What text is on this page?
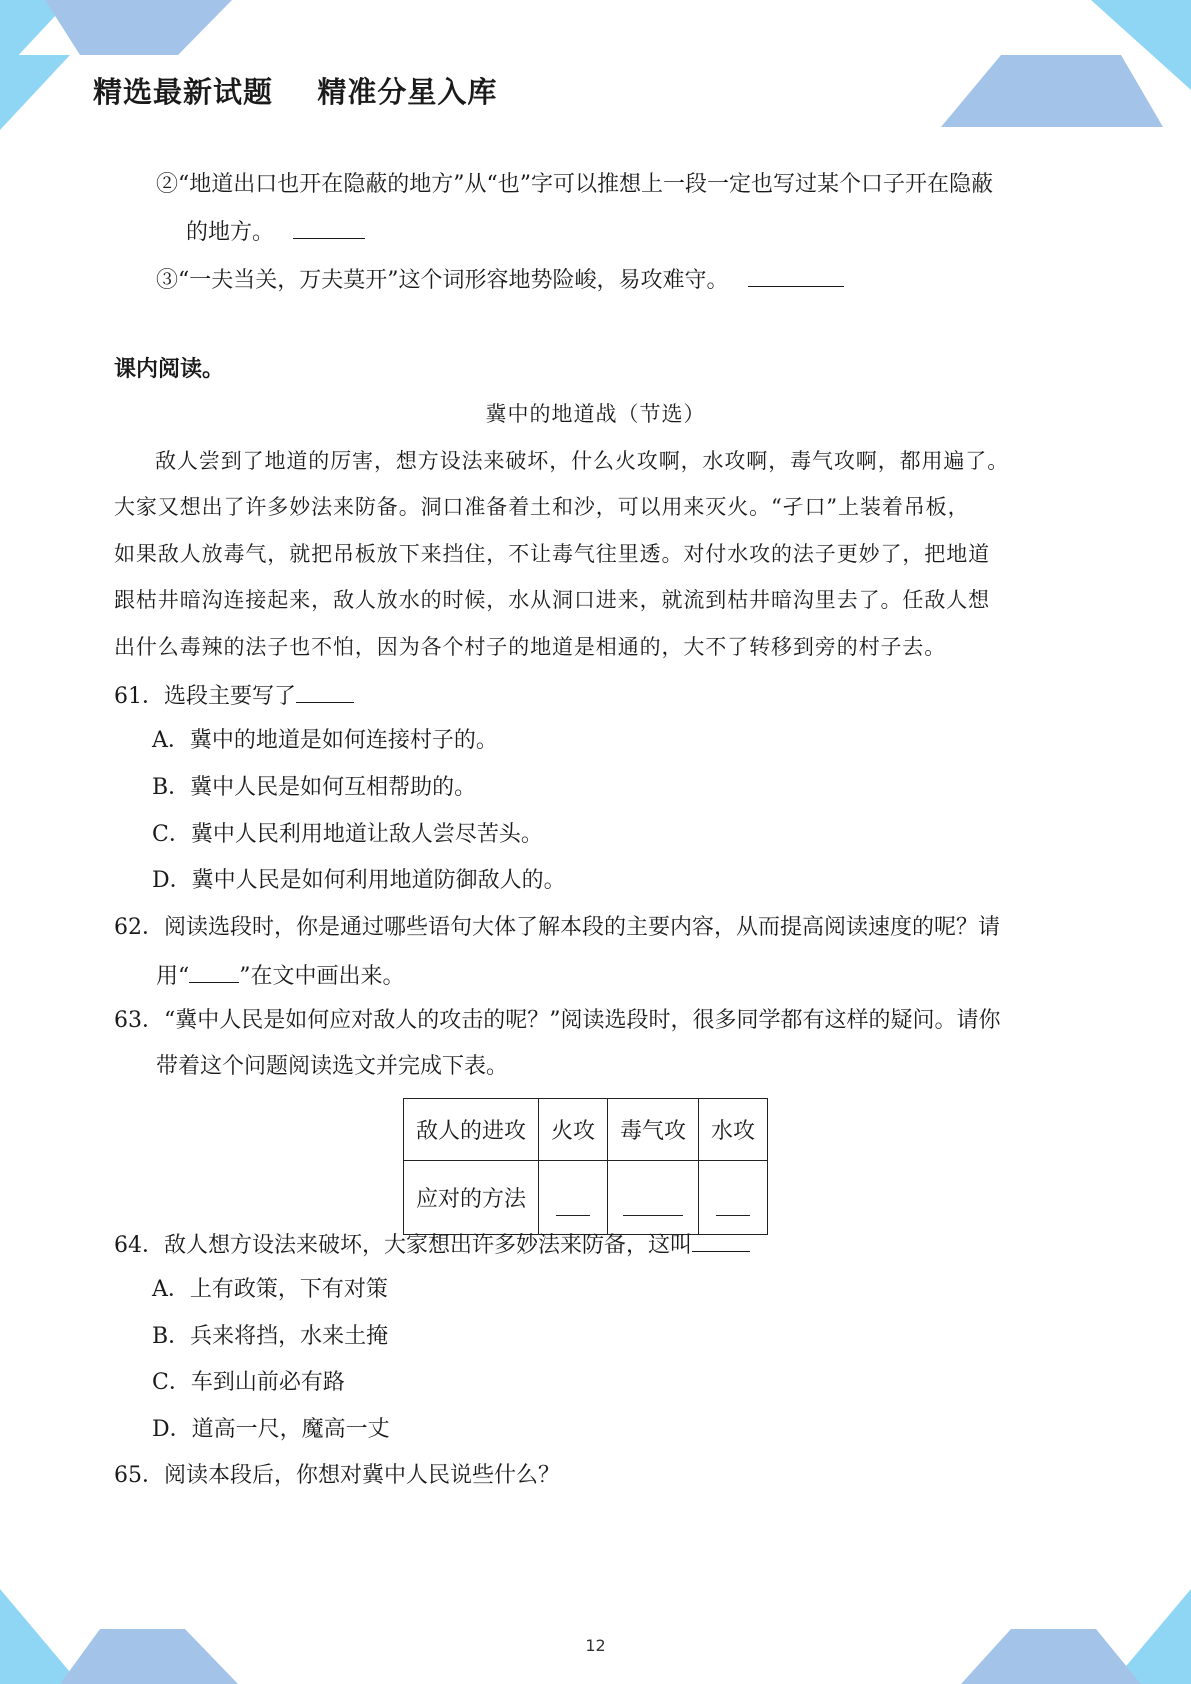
精选最新试题    精准分星入库
②“地道出口也开在隐蔽的地方”从“也”字可以推想上一段一定也写过某个口子开在隐蔽
的地方。
③“一夫当关，万夫莫开”这个词形容地势险峻，易攻难守。
课内阅读。
冀中的地道战（节选）
敌人尝到了地道的厉害，想方设法来破坏，什么火攻啊，水攻啊，毒气攻啊，都用遍了。
大家又想出了许多妙法来防备。洞口准备着土和沙，可以用来灭火。“孑口”上装着吊板，
如果敌人放毒气，就把吊板放下来挡住，不让毒气往里透。对付水攻的法子更妙了，把地道
跟枯井暗沟连接起来，敌人放水的时候，水从洞口进来，就流到枯井暗沟里去了。任敌人想
出什么毒辣的法子也不怕，因为各个村子的地道是相通的，大不了转移到旁的村子去。
61．选段主要写了
A．冀中的地道是如何连接村子的。
B．冀中人民是如何互相帮助的。
C．冀中人民利用地道让敌人尝尽苦头。
D．冀中人民是如何利用地道防御敌人的。
62．阅读选段时，你是通过哪些语句大体了解本段的主要内容，从而提高阅读速度的呢？请
用“ ”在文中画出来。
63．“冀中人民是如何应对敌人的攻击的呢？”阅读选段时，很多同学都有这样的疑问。请你
带着这个问题阅读选文并完成下表。
敌人的进攻	火攻	毒气攻	水攻
应对的方法			
64．敌人想方设法来破坏，大家想出许多妙法来防备，这叫
A．上有政策，下有对策
B．兵来将挡，水来土掩
C．车到山前必有路
D．道高一尺，魔高一丈
65．阅读本段后，你想对冀中人民说些什么？
12
